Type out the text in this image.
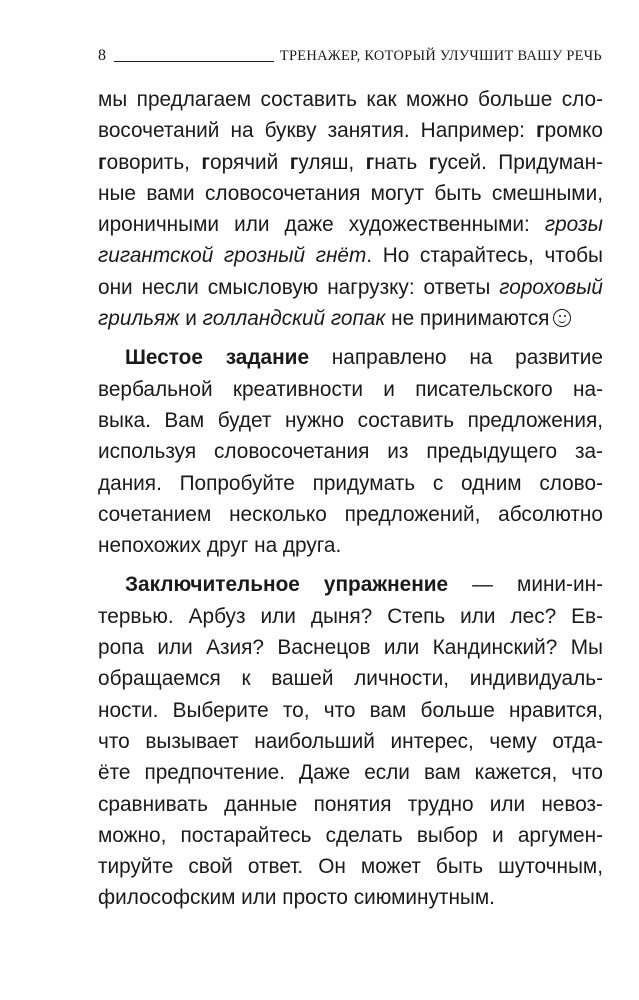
8	ТРЕНАЖЕР, КОТОРЫЙ УЛУЧШИТ ВАШУ РЕЧЬ
мы предлагаем составить как можно больше сло-
восочетаний на букву занятия. Например: громко
говорить, горячий гуляш, гнать гусей. Придуман-
ные вами словосочетания могут быть смешными,
ироничными или даже художественными: грозы
гигантской грозный гнёт. Но старайтесь, чтобы
они несли смысловую нагрузку: ответы гороховый
грильяж и голландский гопак не принимаются
Шестое задание направлено на развитие
вербальной креативности и писательского на-
выка. Вам будет нужно составить предложения,
используя словосочетания из предыдущего за-
дания. Попробуйте придумать с одним слово-
сочетанием несколько предложений, абсолютно
непохожих друг на друга.
Заключительное упражнение — мини-ин-
тервью. Арбуз или дыня? Степь или лес? Ев-
ропа или Азия? Васнецов или Кандинский? Мы
обращаемся к вашей личности, индивидуаль-
ности. Выберите то, что вам больше нравится,
что вызывает наибольший интерес, чему отда-
ёте предпочтение. Даже если вам кажется, что
сравнивать данные понятия трудно или невоз-
можно, постарайтесь сделать выбор и аргумен-
тируйте свой ответ. Он может быть шуточным,
философским или просто сиюминутным.
